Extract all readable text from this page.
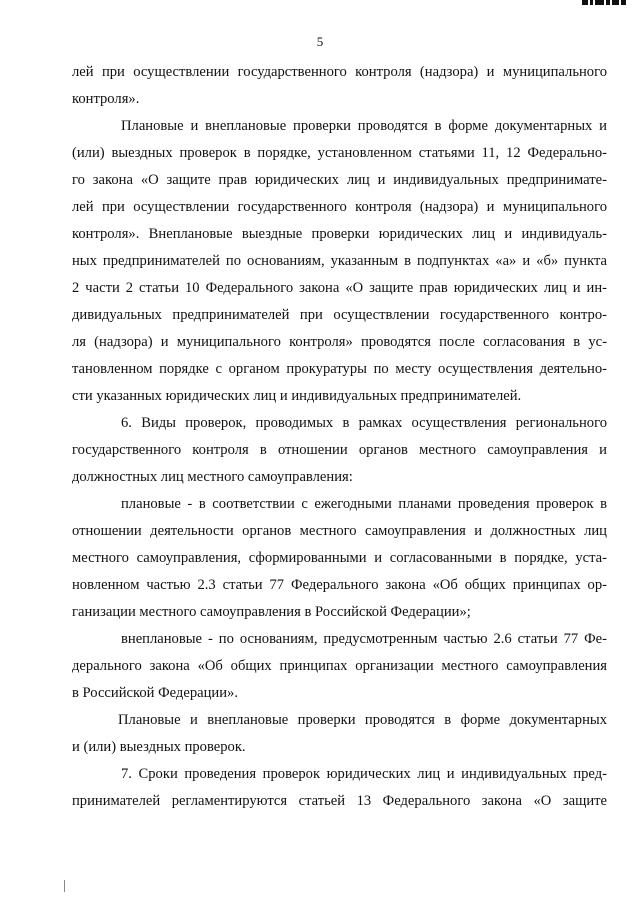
5
лей при осуществлении государственного контроля (надзора) и муниципального
контроля».
Плановые и внеплановые проверки проводятся в форме документарных и
(или) выездных проверок в порядке, установленном статьями 11, 12 Федерально-
го закона «О защите прав юридических лиц и индивидуальных предпринимате-
лей при осуществлении государственного контроля (надзора) и муниципального
контроля». Внеплановые выездные проверки юридических лиц и индивидуаль-
ных предпринимателей по основаниям, указанным в подпунктах «а» и «б» пункта
2 части 2 статьи 10 Федерального закона «О защите прав юридических лиц и ин-
дивидуальных предпринимателей при осуществлении государственного контро-
ля (надзора) и муниципального контроля» проводятся после согласования в ус-
тановленном порядке с органом прокуратуры по месту осуществления деятельно-
сти указанных юридических лиц и индивидуальных предпринимателей.
6. Виды проверок, проводимых в рамках осуществления регионального
государственного контроля в отношении органов местного самоуправления и
должностных лиц местного самоуправления:
плановые - в соответствии с ежегодными планами проведения проверок в
отношении деятельности органов местного самоуправления и должностных лиц
местного самоуправления, сформированными и согласованными в порядке, уста-
новленном частью 2.3 статьи 77 Федерального закона «Об общих принципах ор-
ганизации местного самоуправления в Российской Федерации»;
внеплановые - по основаниям, предусмотренным частью 2.6 статьи 77 Фе-
дерального закона «Об общих принципах организации местного самоуправления
в Российской Федерации».
Плановые и внеплановые проверки проводятся в форме документарных
и (или) выездных проверок.
7. Сроки проведения проверок юридических лиц и индивидуальных пред-
принимателей регламентируются статьей 13 Федерального закона «О защите
